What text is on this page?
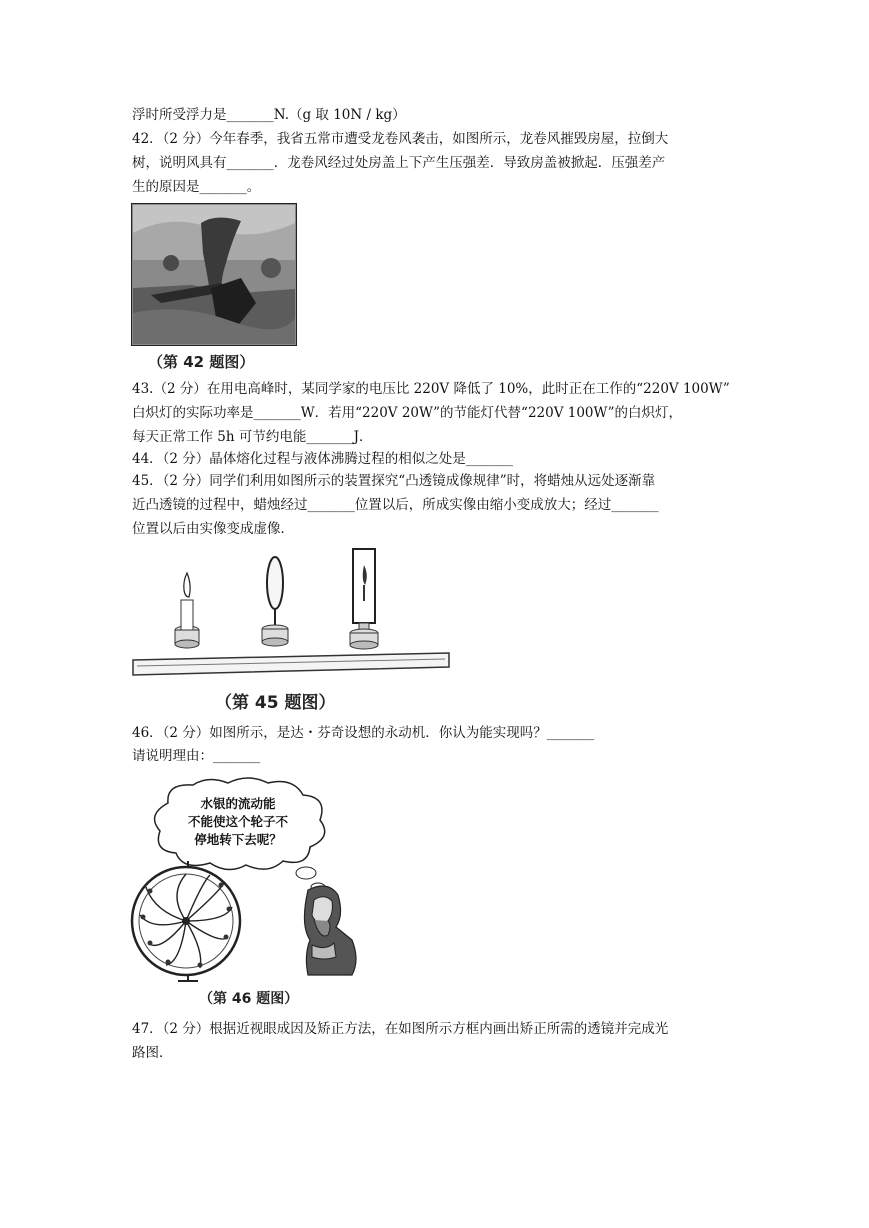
浮时所受浮力是_______N.（g 取 10N / kg）
42．（2 分）今年春季，我省五常市遭受龙卷风袭击，如图所示，龙卷风摧毁房屋，拉倒大
树，说明风具有_______．龙卷风经过处房盖上下产生压强差．导致房盖被掀起．压强差产
生的原因是_______。
（第 42 题图）
43.（2 分）在用电高峰时，某同学家的电压比 220V 降低了 10%，此时正在工作的“220V 100W”
白炽灯的实际功率是_______W．若用“220V 20W”的节能灯代替“220V 100W”的白炽灯，
每天正常工作 5h 可节约电能_______J．
44．（2 分）晶体熔化过程与液体沸腾过程的相似之处是_______
45．（2 分）同学们利用如图所示的装置探究“凸透镜成像规律”时，将蜡烛从远处逐渐靠
近凸透镜的过程中，蜡烛经过_______位置以后，所成实像由缩小变成放大；经过_______
位置以后由实像变成虚像．
（第 45 题图）
46．（2 分）如图所示，是达・芬奇设想的永动机．你认为能实现吗？_______
请说明理由：_______
水银的流动能
不能使这个轮子不
停地转下去呢？
（第 46 题图）
47．（2 分）根据近视眼成因及矫正方法，在如图所示方框内画出矫正所需的透镜并完成光
路图．
